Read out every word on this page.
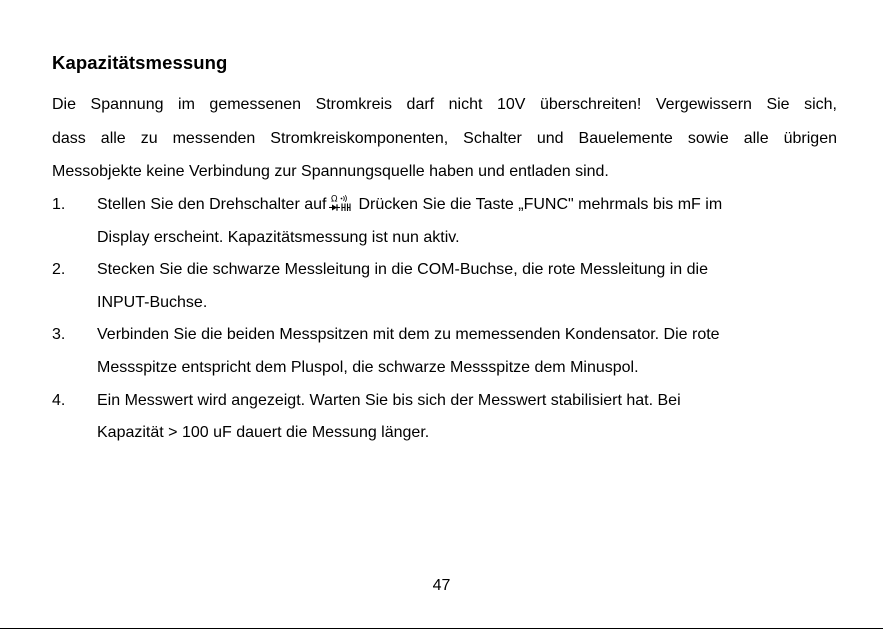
Kapazitätsmessung

Die Spannung im gemessenen Stromkreis darf nicht 10V überschreiten! Vergewissern Sie sich,
dass alle zu messenden Stromkreiskomponenten, Schalter und Bauelemente sowie alle übrigen
Messobjekte keine Verbindung zur Spannungsquelle haben und entladen sind.

1. Stellen Sie den Drehschalter auf Ω Drücken Sie die Taste „FUNC" mehrmals bis mF im
Display erscheint. Kapazitätsmessung ist nun aktiv.
2. Stecken Sie die schwarze Messleitung in die COM-Buchse, die rote Messleitung in die
INPUT-Buchse.
3. Verbinden Sie die beiden Messpsitzen mit dem zu memessenden Kondensator. Die rote
Messspitze entspricht dem Pluspol, die schwarze Messspitze dem Minuspol.
4. Ein Messwert wird angezeigt. Warten Sie bis sich der Messwert stabilisiert hat. Bei
Kapazität > 100 uF dauert die Messung länger.
47
